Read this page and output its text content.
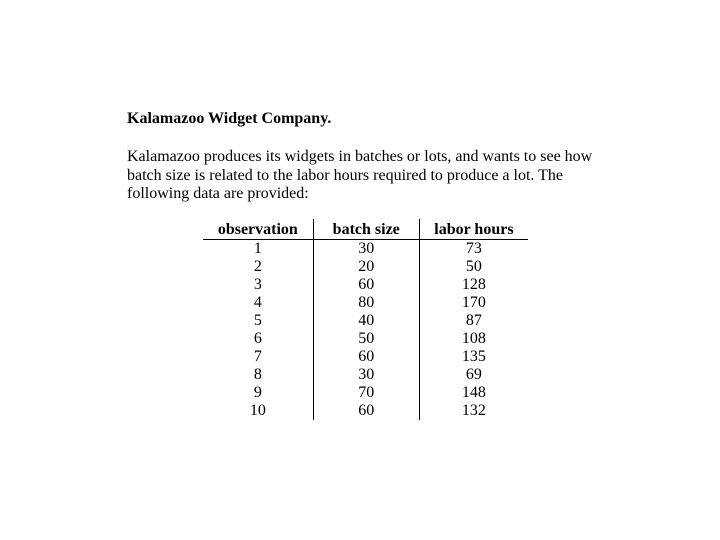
Kalamazoo Widget Company.
Kalamazoo produces its widgets in batches or lots, and wants to see how
batch size is related to the labor hours required to produce a lot. The
following data are provided:
observation	batch size	labor hours
1	30	73
2	20	50
3	60	128
4	80	170
5	40	87
6	50	108
7	60	135
8	30	69
9	70	148
10	60	132
